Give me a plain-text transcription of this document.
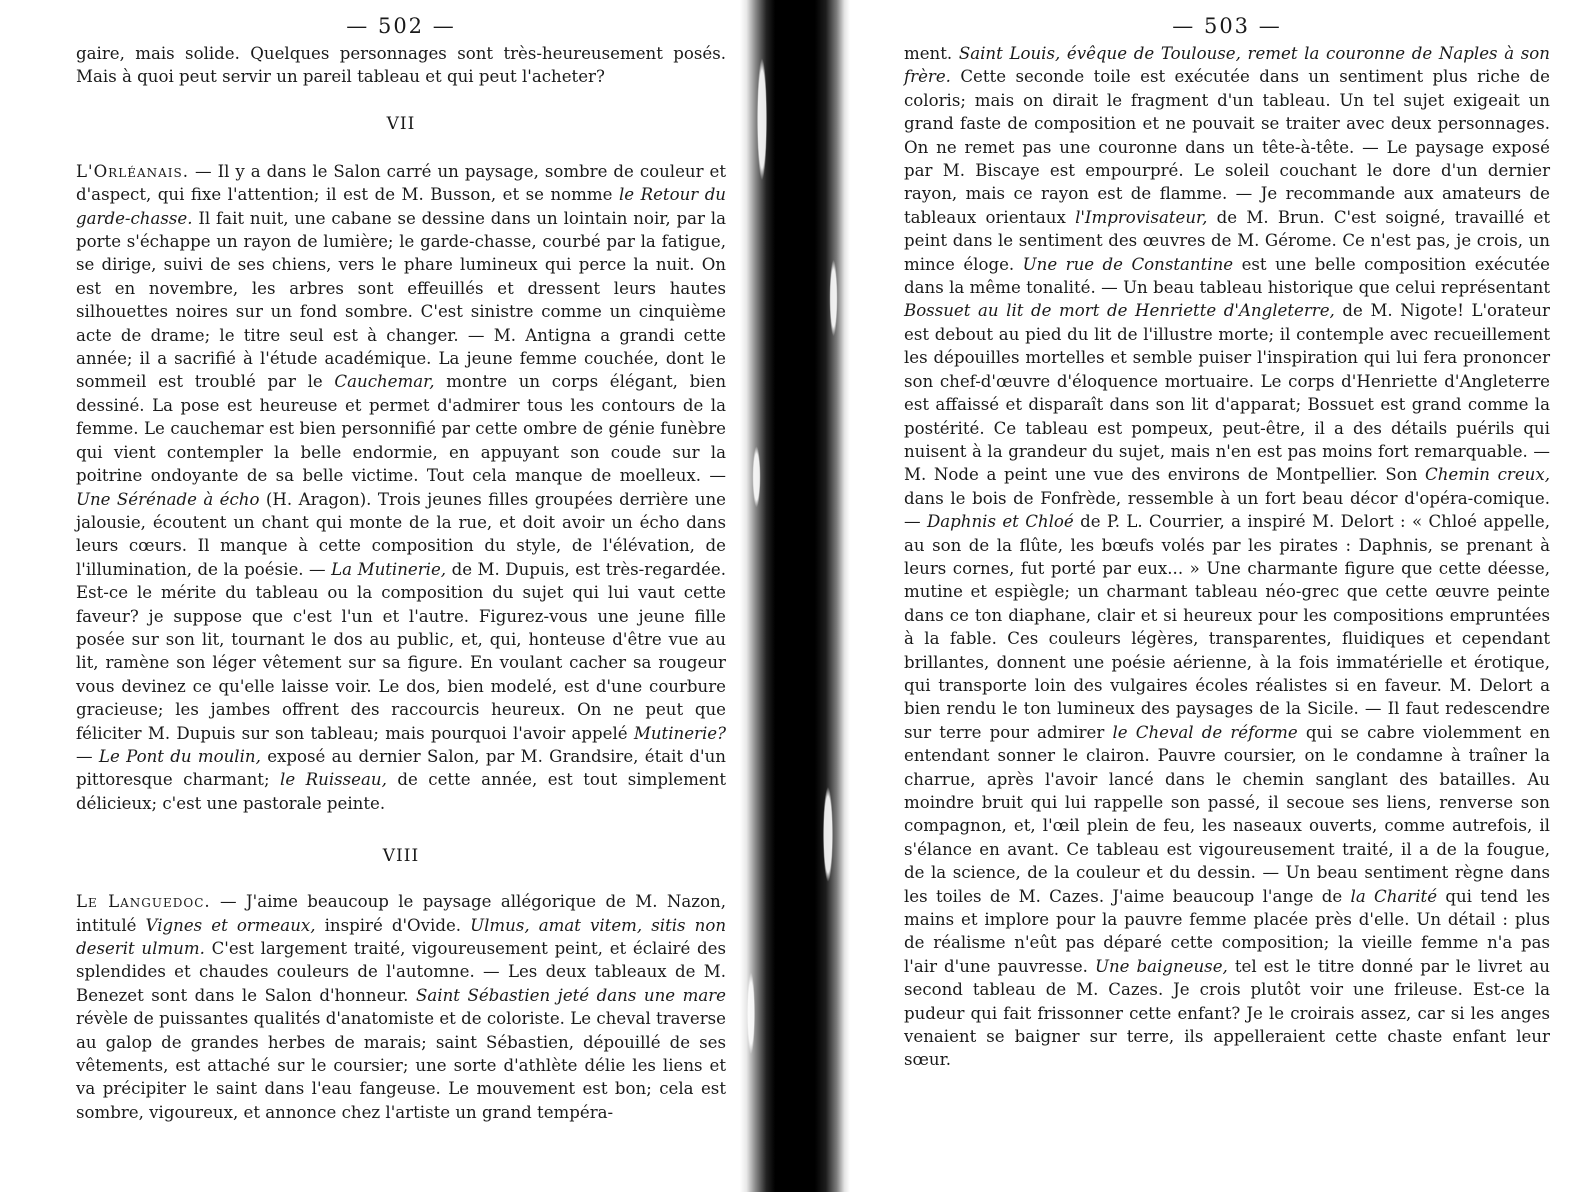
— 502 —

gaire, mais solide. Quelques personnages sont très-heureusement posés. Mais à quoi peut servir un pareil tableau et qui peut l'acheter?

VII

L'Orléanais. — Il y a dans le Salon carré un paysage, sombre de couleur et d'aspect, qui fixe l'attention; il est de M. Busson, et se nomme le Retour du garde-chasse. Il fait nuit, une cabane se dessine dans un lointain noir, par la porte s'échappe un rayon de lumière; le garde-chasse, courbé par la fatigue, se dirige, suivi de ses chiens, vers le phare lumineux qui perce la nuit. On est en novembre, les arbres sont effeuillés et dressent leurs hautes silhouettes noires sur un fond sombre. C'est sinistre comme un cinquième acte de drame; le titre seul est à changer. — M. Antigna a grandi cette année; il a sacrifié à l'étude académique. La jeune femme couchée, dont le sommeil est troublé par le Cauchemar, montre un corps élégant, bien dessiné. La pose est heureuse et permet d'admirer tous les contours de la femme. Le cauchemar est bien personnifié par cette ombre de génie funèbre qui vient contempler la belle endormie, en appuyant son coude sur la poitrine ondoyante de sa belle victime. Tout cela manque de moelleux. — Une Sérénade à écho (H. Aragon). Trois jeunes filles groupées derrière une jalousie, écoutent un chant qui monte de la rue, et doit avoir un écho dans leurs cœurs. Il manque à cette composition du style, de l'élévation, de l'illumination, de la poésie. — La Mutinerie, de M. Dupuis, est très-regardée. Est-ce le mérite du tableau ou la composition du sujet qui lui vaut cette faveur? je suppose que c'est l'un et l'autre. Figurez-vous une jeune fille posée sur son lit, tournant le dos au public, et, qui, honteuse d'être vue au lit, ramène son léger vêtement sur sa figure. En voulant cacher sa rougeur vous devinez ce qu'elle laisse voir. Le dos, bien modelé, est d'une courbure gracieuse; les jambes offrent des raccourcis heureux. On ne peut que féliciter M. Dupuis sur son tableau; mais pourquoi l'avoir appelé Mutinerie? — Le Pont du moulin, exposé au dernier Salon, par M. Grandsire, était d'un pittoresque charmant; le Ruisseau, de cette année, est tout simplement délicieux; c'est une pastorale peinte.

VIII

Le Languedoc. — J'aime beaucoup le paysage allégorique de M. Nazon, intitulé Vignes et ormeaux, inspiré d'Ovide. Ulmus, amat vitem, sitis non deserit ulmum. C'est largement traité, vigoureusement peint, et éclairé des splendides et chaudes couleurs de l'automne. — Les deux tableaux de M. Benezet sont dans le Salon d'honneur. Saint Sébastien jeté dans une mare révèle de puissantes qualités d'anatomiste et de coloriste. Le cheval traverse au galop de grandes herbes de marais; saint Sébastien, dépouillé de ses vêtements, est attaché sur le coursier; une sorte d'athlète délie les liens et va précipiter le saint dans l'eau fangeuse. Le mouvement est bon; cela est sombre, vigoureux, et annonce chez l'artiste un grand tempéra-

— 503 —

ment. Saint Louis, évêque de Toulouse, remet la couronne de Naples à son frère. Cette seconde toile est exécutée dans un sentiment plus riche de coloris; mais on dirait le fragment d'un tableau. Un tel sujet exigeait un grand faste de composition et ne pouvait se traiter avec deux personnages. On ne remet pas une couronne dans un tête-à-tête. — Le paysage exposé par M. Biscaye est empourpré. Le soleil couchant le dore d'un dernier rayon, mais ce rayon est de flamme. — Je recommande aux amateurs de tableaux orientaux l'Improvisateur, de M. Brun. C'est soigné, travaillé et peint dans le sentiment des œuvres de M. Gérome. Ce n'est pas, je crois, un mince éloge. Une rue de Constantine est une belle composition exécutée dans la même tonalité. — Un beau tableau historique que celui représentant Bossuet au lit de mort de Henriette d'Angleterre, de M. Nigote! L'orateur est debout au pied du lit de l'illustre morte; il contemple avec recueillement les dépouilles mortelles et semble puiser l'inspiration qui lui fera prononcer son chef-d'œuvre d'éloquence mortuaire. Le corps d'Henriette d'Angleterre est affaissé et disparaît dans son lit d'apparat; Bossuet est grand comme la postérité. Ce tableau est pompeux, peut-être, il a des détails puérils qui nuisent à la grandeur du sujet, mais n'en est pas moins fort remarquable. — M. Node a peint une vue des environs de Montpellier. Son Chemin creux, dans le bois de Fonfrède, ressemble à un fort beau décor d'opéra-comique. — Daphnis et Chloé de P. L. Courrier, a inspiré M. Delort : « Chloé appelle, au son de la flûte, les bœufs volés par les pirates : Daphnis, se prenant à leurs cornes, fut porté par eux... » Une charmante figure que cette déesse, mutine et espiègle; un charmant tableau néo-grec que cette œuvre peinte dans ce ton diaphane, clair et si heureux pour les compositions empruntées à la fable. Ces couleurs légères, transparentes, fluidiques et cependant brillantes, donnent une poésie aérienne, à la fois immatérielle et érotique, qui transporte loin des vulgaires écoles réalistes si en faveur. M. Delort a bien rendu le ton lumineux des paysages de la Sicile. — Il faut redescendre sur terre pour admirer le Cheval de réforme qui se cabre violemment en entendant sonner le clairon. Pauvre coursier, on le condamne à traîner la charrue, après l'avoir lancé dans le chemin sanglant des batailles. Au moindre bruit qui lui rappelle son passé, il secoue ses liens, renverse son compagnon, et, l'œil plein de feu, les naseaux ouverts, comme autrefois, il s'élance en avant. Ce tableau est vigoureusement traité, il a de la fougue, de la science, de la couleur et du dessin. — Un beau sentiment règne dans les toiles de M. Cazes. J'aime beaucoup l'ange de la Charité qui tend les mains et implore pour la pauvre femme placée près d'elle. Un détail : plus de réalisme n'eût pas déparé cette composition; la vieille femme n'a pas l'air d'une pauvresse. Une baigneuse, tel est le titre donné par le livret au second tableau de M. Cazes. Je crois plutôt voir une frileuse. Est-ce la pudeur qui fait frissonner cette enfant? Je le croirais assez, car si les anges venaient se baigner sur terre, ils appelleraient cette chaste enfant leur sœur.
